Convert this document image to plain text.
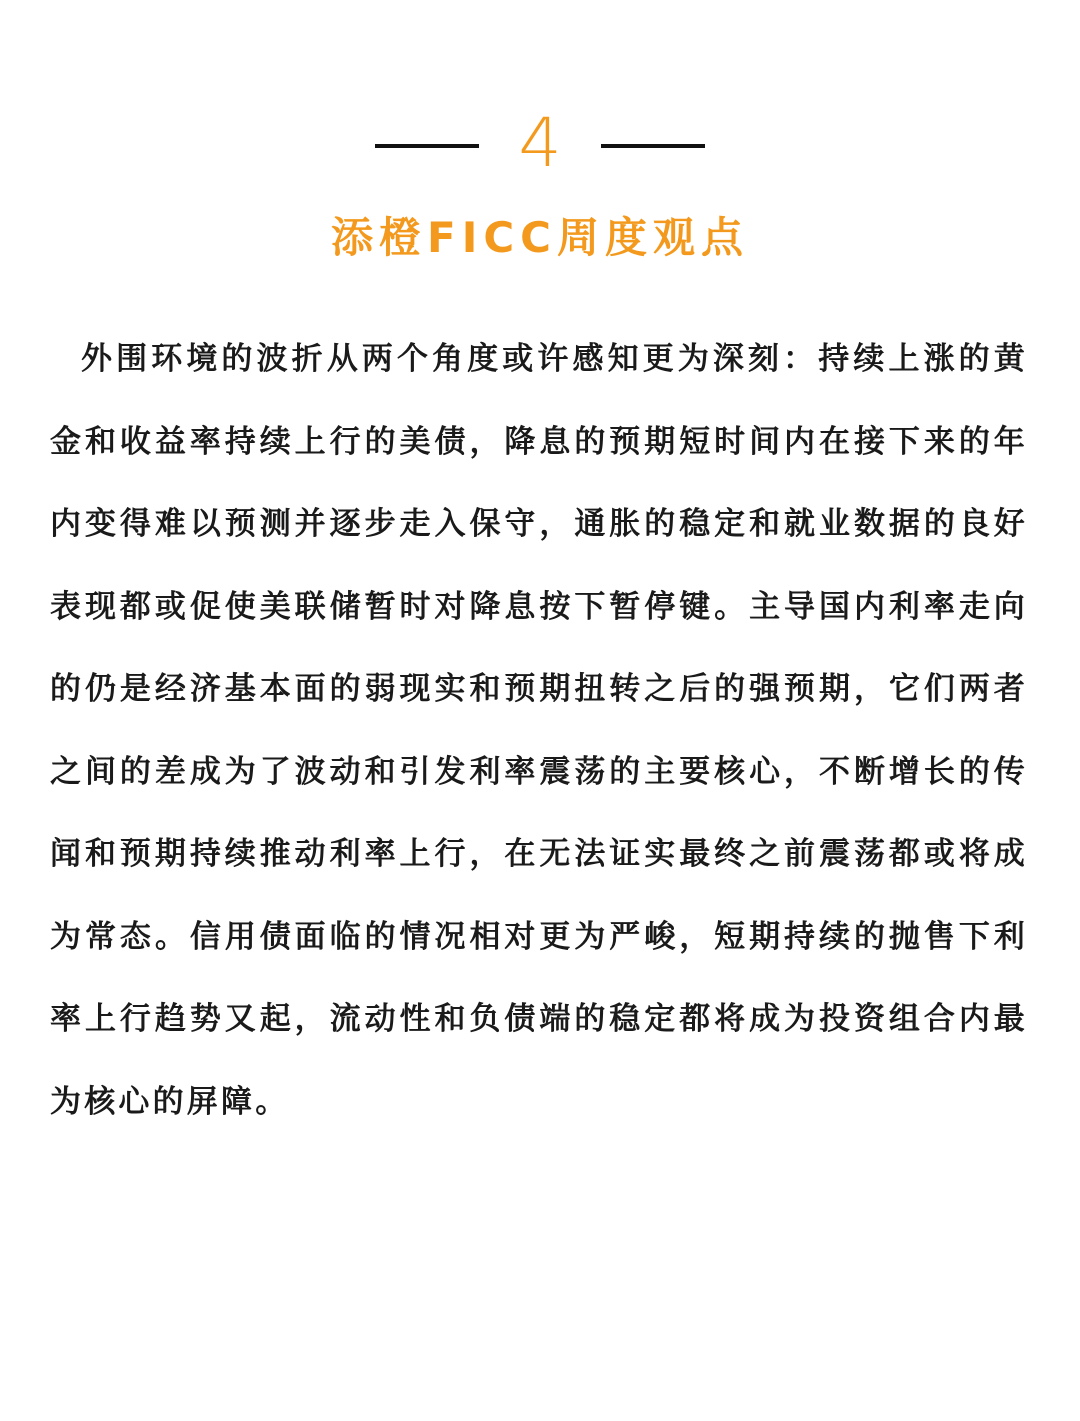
4
添橙FICC周度观点

外围环境的波折从两个角度或许感知更为深刻：持续上涨的黄金和收益率持续上行的美债，降息的预期短时间内在接下来的年内变得难以预测并逐步走入保守，通胀的稳定和就业数据的良好表现都或促使美联储暂时对降息按下暂停键。主导国内利率走向的仍是经济基本面的弱现实和预期扭转之后的强预期，它们两者之间的差成为了波动和引发利率震荡的主要核心，不断增长的传闻和预期持续推动利率上行，在无法证实最终之前震荡都或将成为常态。信用债面临的情况相对更为严峻，短期持续的抛售下利率上行趋势又起，流动性和负债端的稳定都将成为投资组合内最为核心的屏障。
